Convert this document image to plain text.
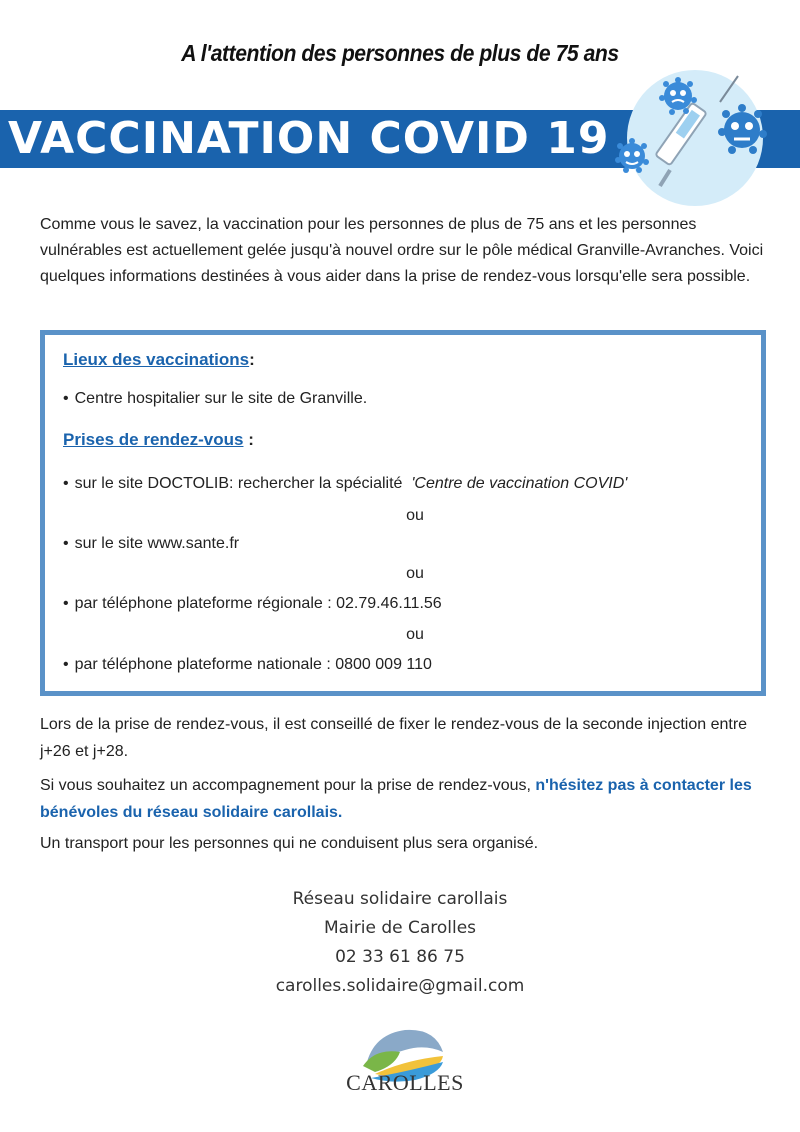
A l'attention des personnes de plus de 75 ans
VACCINATION COVID 19
Comme vous le savez, la vaccination pour les personnes de plus de 75 ans et les personnes vulnérables est actuellement gelée jusqu'à nouvel ordre sur le pôle médical Granville-Avranches. Voici quelques informations destinées à vous aider dans la prise de rendez-vous lorsqu'elle sera possible.
Lieux des vaccinations:
• Centre hospitalier sur le site de Granville.
Prises de rendez-vous :
• sur le site DOCTOLIB: rechercher la spécialité  'Centre de vaccination COVID'
ou
• sur le site www.sante.fr
ou
• par téléphone plateforme régionale : 02.79.46.11.56
ou
• par téléphone plateforme nationale : 0800 009 110
Lors de la prise de rendez-vous, il est conseillé de fixer le rendez-vous de la seconde injection entre j+26 et j+28.
Si vous souhaitez un accompagnement pour la prise de rendez-vous, n'hésitez pas à contacter les bénévoles du réseau solidaire carollais.
Un transport pour les personnes qui ne conduisent plus sera organisé.
Réseau solidaire carollais
Mairie de Carolles
02 33 61 86 75
carolles.solidaire@gmail.com
CAROLLES
